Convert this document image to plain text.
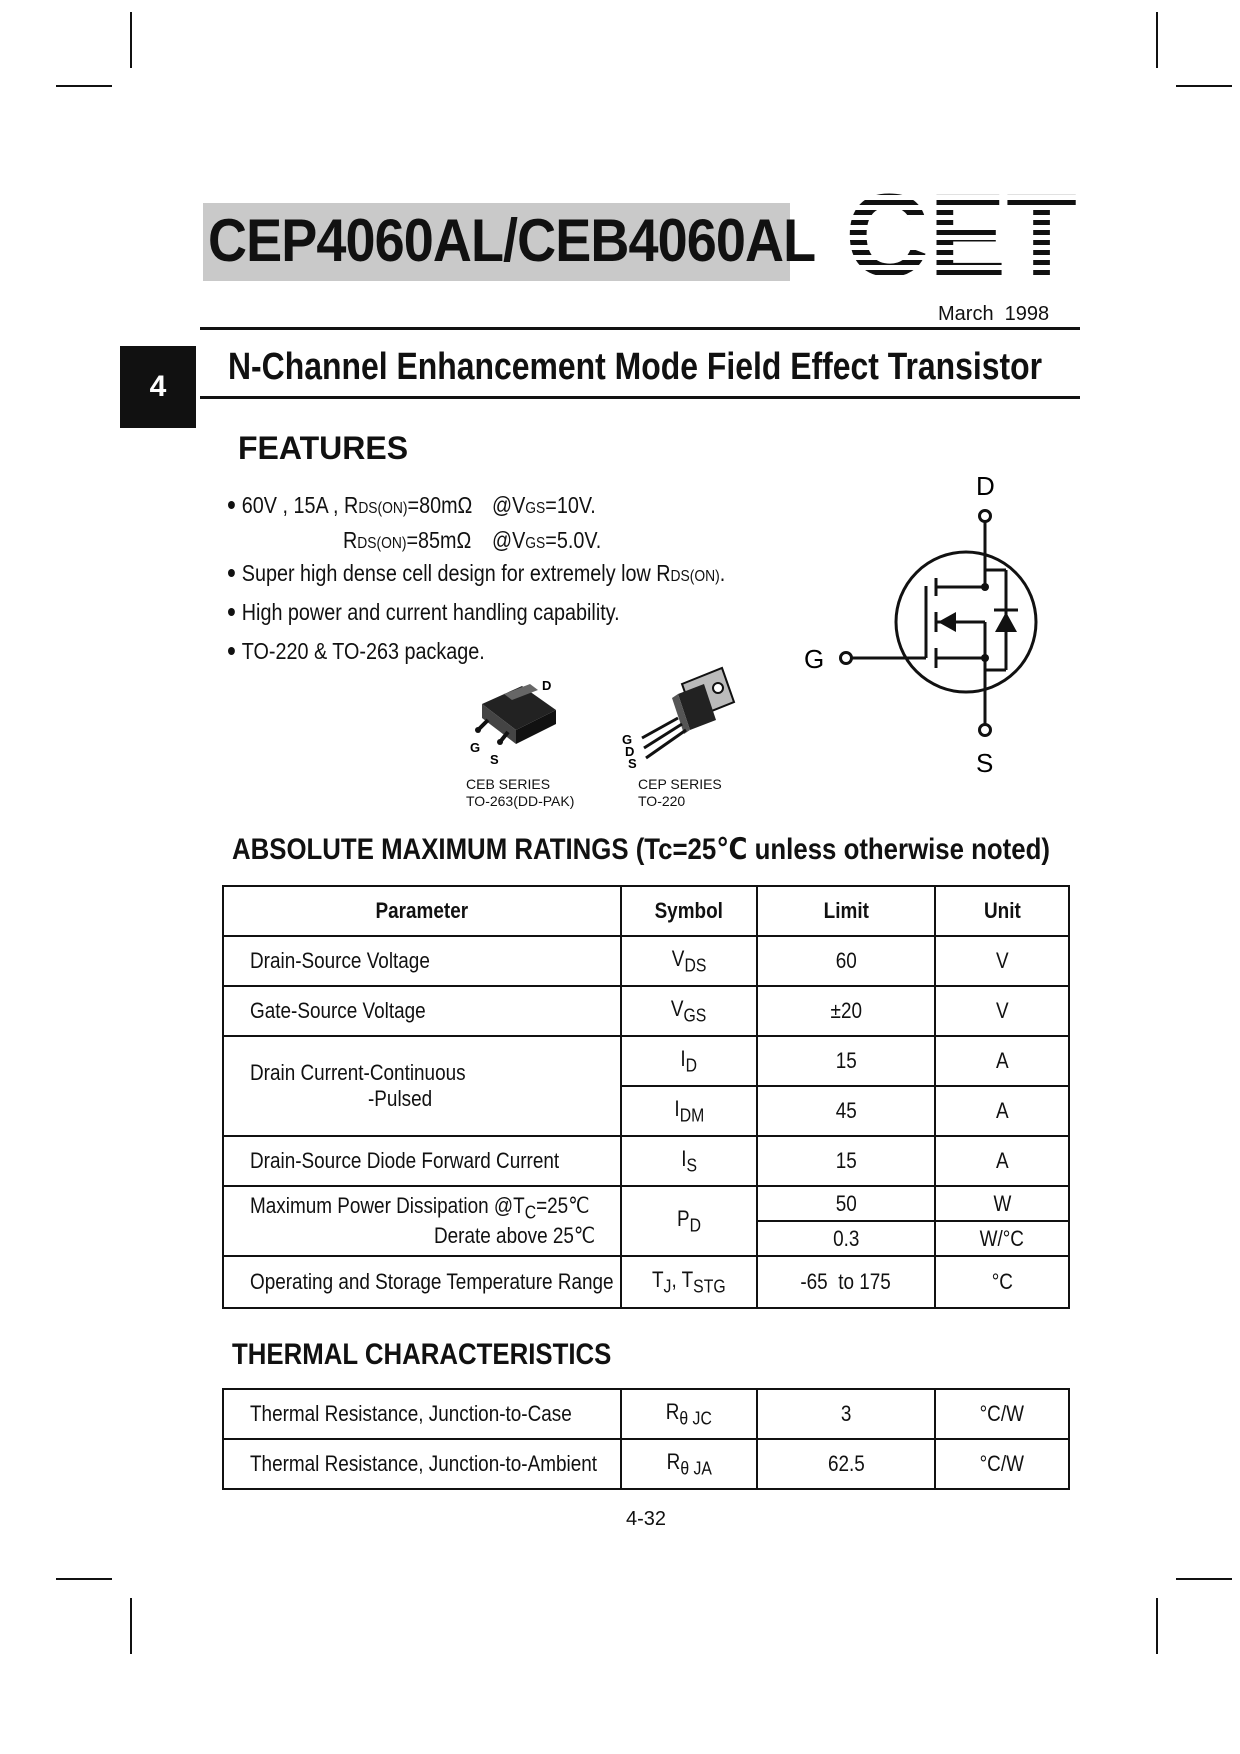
CEP4060AL/CEB4060AL
March  1998
4	N-Channel Enhancement Mode Field Effect Transistor
FEATURES
60V , 15A , RDS(ON)=80mΩ @VGS=10V.
RDS(ON)=85mΩ @VGS=5.0V.
Super high dense cell design for extremely low RDS(ON).
High power and current handling capability.
TO-220 & TO-263 package.
D
G
S
CEB SERIES
TO-263(DD-PAK)
G
D
S
CEP SERIES
TO-220
D
G
S
ABSOLUTE MAXIMUM RATINGS (Tc=25℃ unless otherwise noted)
Parameter	Symbol	Limit	Unit
Drain-Source Voltage	$V_{DS}$	60	V
Gate-Source Voltage	$V_{GS}$	±20	V

Drain Current-Continuous
-Pulsed	$I_D$	15	A
	$I_{DM}$	45	A
Drain-Source Diode Forward Current	$I_S$	15	A

Maximum Power Dissipation $@T_C=25℃$
Derate above 25℃	$P_D$	50	W
		0.3	W/°C
Operating and Storage Temperature Range	$T_J$, $T_{STG}$	-65  to 175	°C
THERMAL CHARACTERISTICS
Thermal Resistance, Junction-to-Case	$R_{\theta JC}$	3	°C/W
Thermal Resistance, Junction-to-Ambient	$R_{\theta JA}$	62.5	°C/W
4-32
